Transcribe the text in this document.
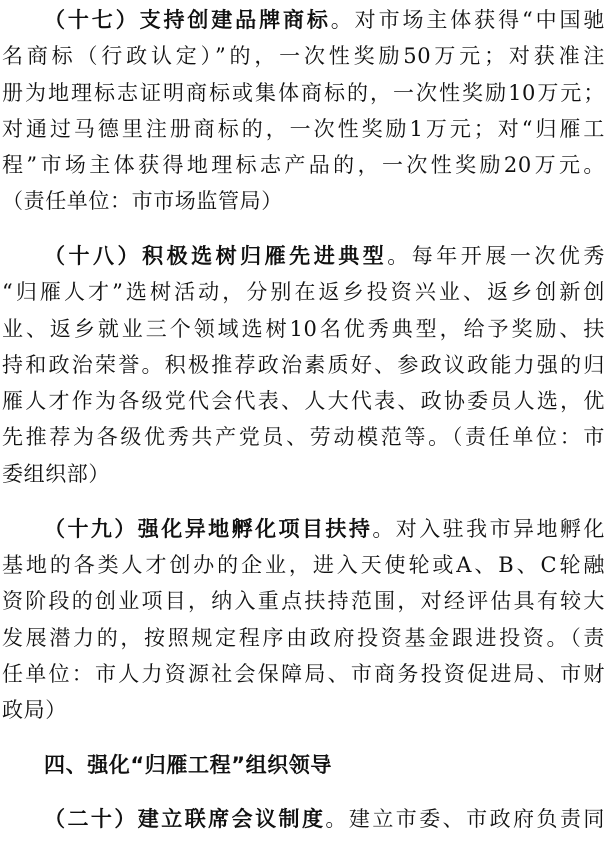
（十七）支持创建品牌商标。对市场主体获得“中国驰
名商标（行政认定）”的，一次性奖励50万元；对获准注
册为地理标志证明商标或集体商标的，一次性奖励10万元；
对通过马德里注册商标的，一次性奖励1万元；对“归雁工
程”市场主体获得地理标志产品的，一次性奖励20万元。
（责任单位：市市场监管局）
（十八）积极选树归雁先进典型。每年开展一次优秀
“归雁人才”选树活动，分别在返乡投资兴业、返乡创新创
业、返乡就业三个领域选树10名优秀典型，给予奖励、扶
持和政治荣誉。积极推荐政治素质好、参政议政能力强的归
雁人才作为各级党代会代表、人大代表、政协委员人选，优
先推荐为各级优秀共产党员、劳动模范等。（责任单位：市
委组织部）
（十九）强化异地孵化项目扶持。对入驻我市异地孵化
基地的各类人才创办的企业，进入天使轮或A、B、C轮融
资阶段的创业项目，纳入重点扶持范围，对经评估具有较大
发展潜力的，按照规定程序由政府投资基金跟进投资。（责
任单位：市人力资源社会保障局、市商务投资促进局、市财
政局）
四、强化“归雁工程”组织领导
（二十）建立联席会议制度。建立市委、市政府负责同
